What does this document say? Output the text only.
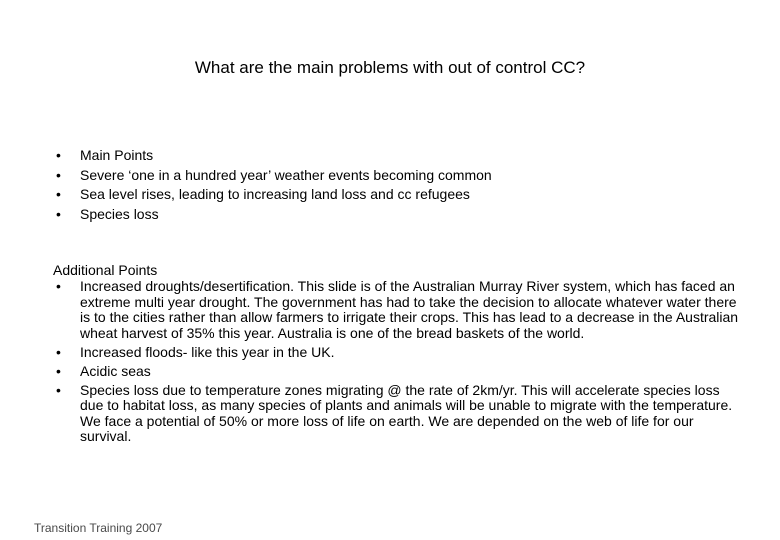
What are the main problems with out of control CC?
• Main Points
• Severe ‘one in a hundred year’ weather events becoming common
• Sea level rises, leading to increasing land loss and cc refugees
• Species loss
Additional Points
• Increased droughts/desertification. This slide is of the Australian Murray River system, which has faced an extreme multi year drought. The government has had to take the decision to allocate whatever water there is to the cities rather than allow farmers to irrigate their crops. This has lead to a decrease in the Australian wheat harvest of 35% this year. Australia is one of the bread baskets of the world.
• Increased floods- like this year in the UK.
• Acidic seas
• Species loss due to temperature zones migrating @ the rate of 2km/yr. This will accelerate species loss due to habitat loss, as many species of plants and animals will be unable to migrate with the temperature. We face a potential of 50% or more loss of life on earth. We are depended on the web of life for our survival.
Transition Training 2007
